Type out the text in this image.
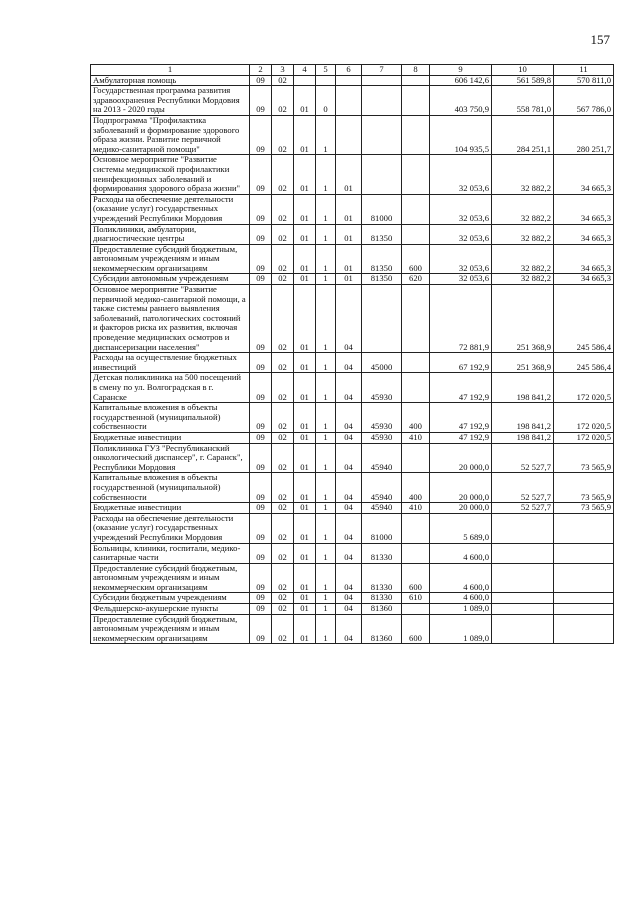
157
1	2	3	4	5	6	7	8	9	10	11
Амбулаторная помощь	09	02						606 142,6	561 589,8	570 811,0
Государственная программа развития здравоохранения Республики Мордовия на 2013 - 2020 годы	09	02	01	0				403 750,9	558 781,0	567 786,0
Подпрограмма "Профилактика заболеваний и формирование здорового образа жизни. Развитие первичной медико-санитарной помощи"	09	02	01	1				104 935,5	284 251,1	280 251,7
Основное мероприятие "Развитие системы медицинской профилактики неинфекционных заболеваний и формирования здорового образа жизни"	09	02	01	1	01			32 053,6	32 882,2	34 665,3
Расходы на обеспечение деятельности (оказание услуг) государственных учреждений Республики Мордовия	09	02	01	1	01	81000		32 053,6	32 882,2	34 665,3
Поликлиники, амбулатории, диагностические центры	09	02	01	1	01	81350		32 053,6	32 882,2	34 665,3
Предоставление субсидий бюджетным, автономным учреждениям и иным некоммерческим организациям	09	02	01	1	01	81350	600	32 053,6	32 882,2	34 665,3
Субсидии автономным учреждениям	09	02	01	1	01	81350	620	32 053,6	32 882,2	34 665,3
Основное мероприятие "Развитие первичной медико-санитарной помощи, а также системы раннего выявления заболеваний, патологических состояний и факторов риска их развития, включая проведение медицинских осмотров и диспансеризации населения"	09	02	01	1	04			72 881,9	251 368,9	245 586,4
Расходы на осуществление бюджетных инвестиций	09	02	01	1	04	45000		67 192,9	251 368,9	245 586,4
Детская поликлиника на 500 посещений в смену по ул. Волгоградская в г. Саранске	09	02	01	1	04	45930		47 192,9	198 841,2	172 020,5
Капитальные вложения в объекты государственной (муниципальной) собственности	09	02	01	1	04	45930	400	47 192,9	198 841,2	172 020,5
Бюджетные инвестиции	09	02	01	1	04	45930	410	47 192,9	198 841,2	172 020,5
Поликлиника ГУЗ "Республиканский онкологический диспансер", г. Саранск", Республики Мордовия	09	02	01	1	04	45940		20 000,0	52 527,7	73 565,9
Капитальные вложения в объекты государственной (муниципальной) собственности	09	02	01	1	04	45940	400	20 000,0	52 527,7	73 565,9
Бюджетные инвестиции	09	02	01	1	04	45940	410	20 000,0	52 527,7	73 565,9
Расходы на обеспечение деятельности (оказание услуг) государственных учреждений Республики Мордовия	09	02	01	1	04	81000		5 689,0		
Больницы, клиники, госпитали, медико-санитарные части	09	02	01	1	04	81330		4 600,0		
Предоставление субсидий бюджетным, автономным учреждениям и иным некоммерческим организациям	09	02	01	1	04	81330	600	4 600,0		
Субсидии бюджетным учреждениям	09	02	01	1	04	81330	610	4 600,0		
Фельдшерско-акушерские пункты	09	02	01	1	04	81360		1 089,0		
Предоставление субсидий бюджетным, автономным учреждениям и иным некоммерческим организациям	09	02	01	1	04	81360	600	1 089,0		
